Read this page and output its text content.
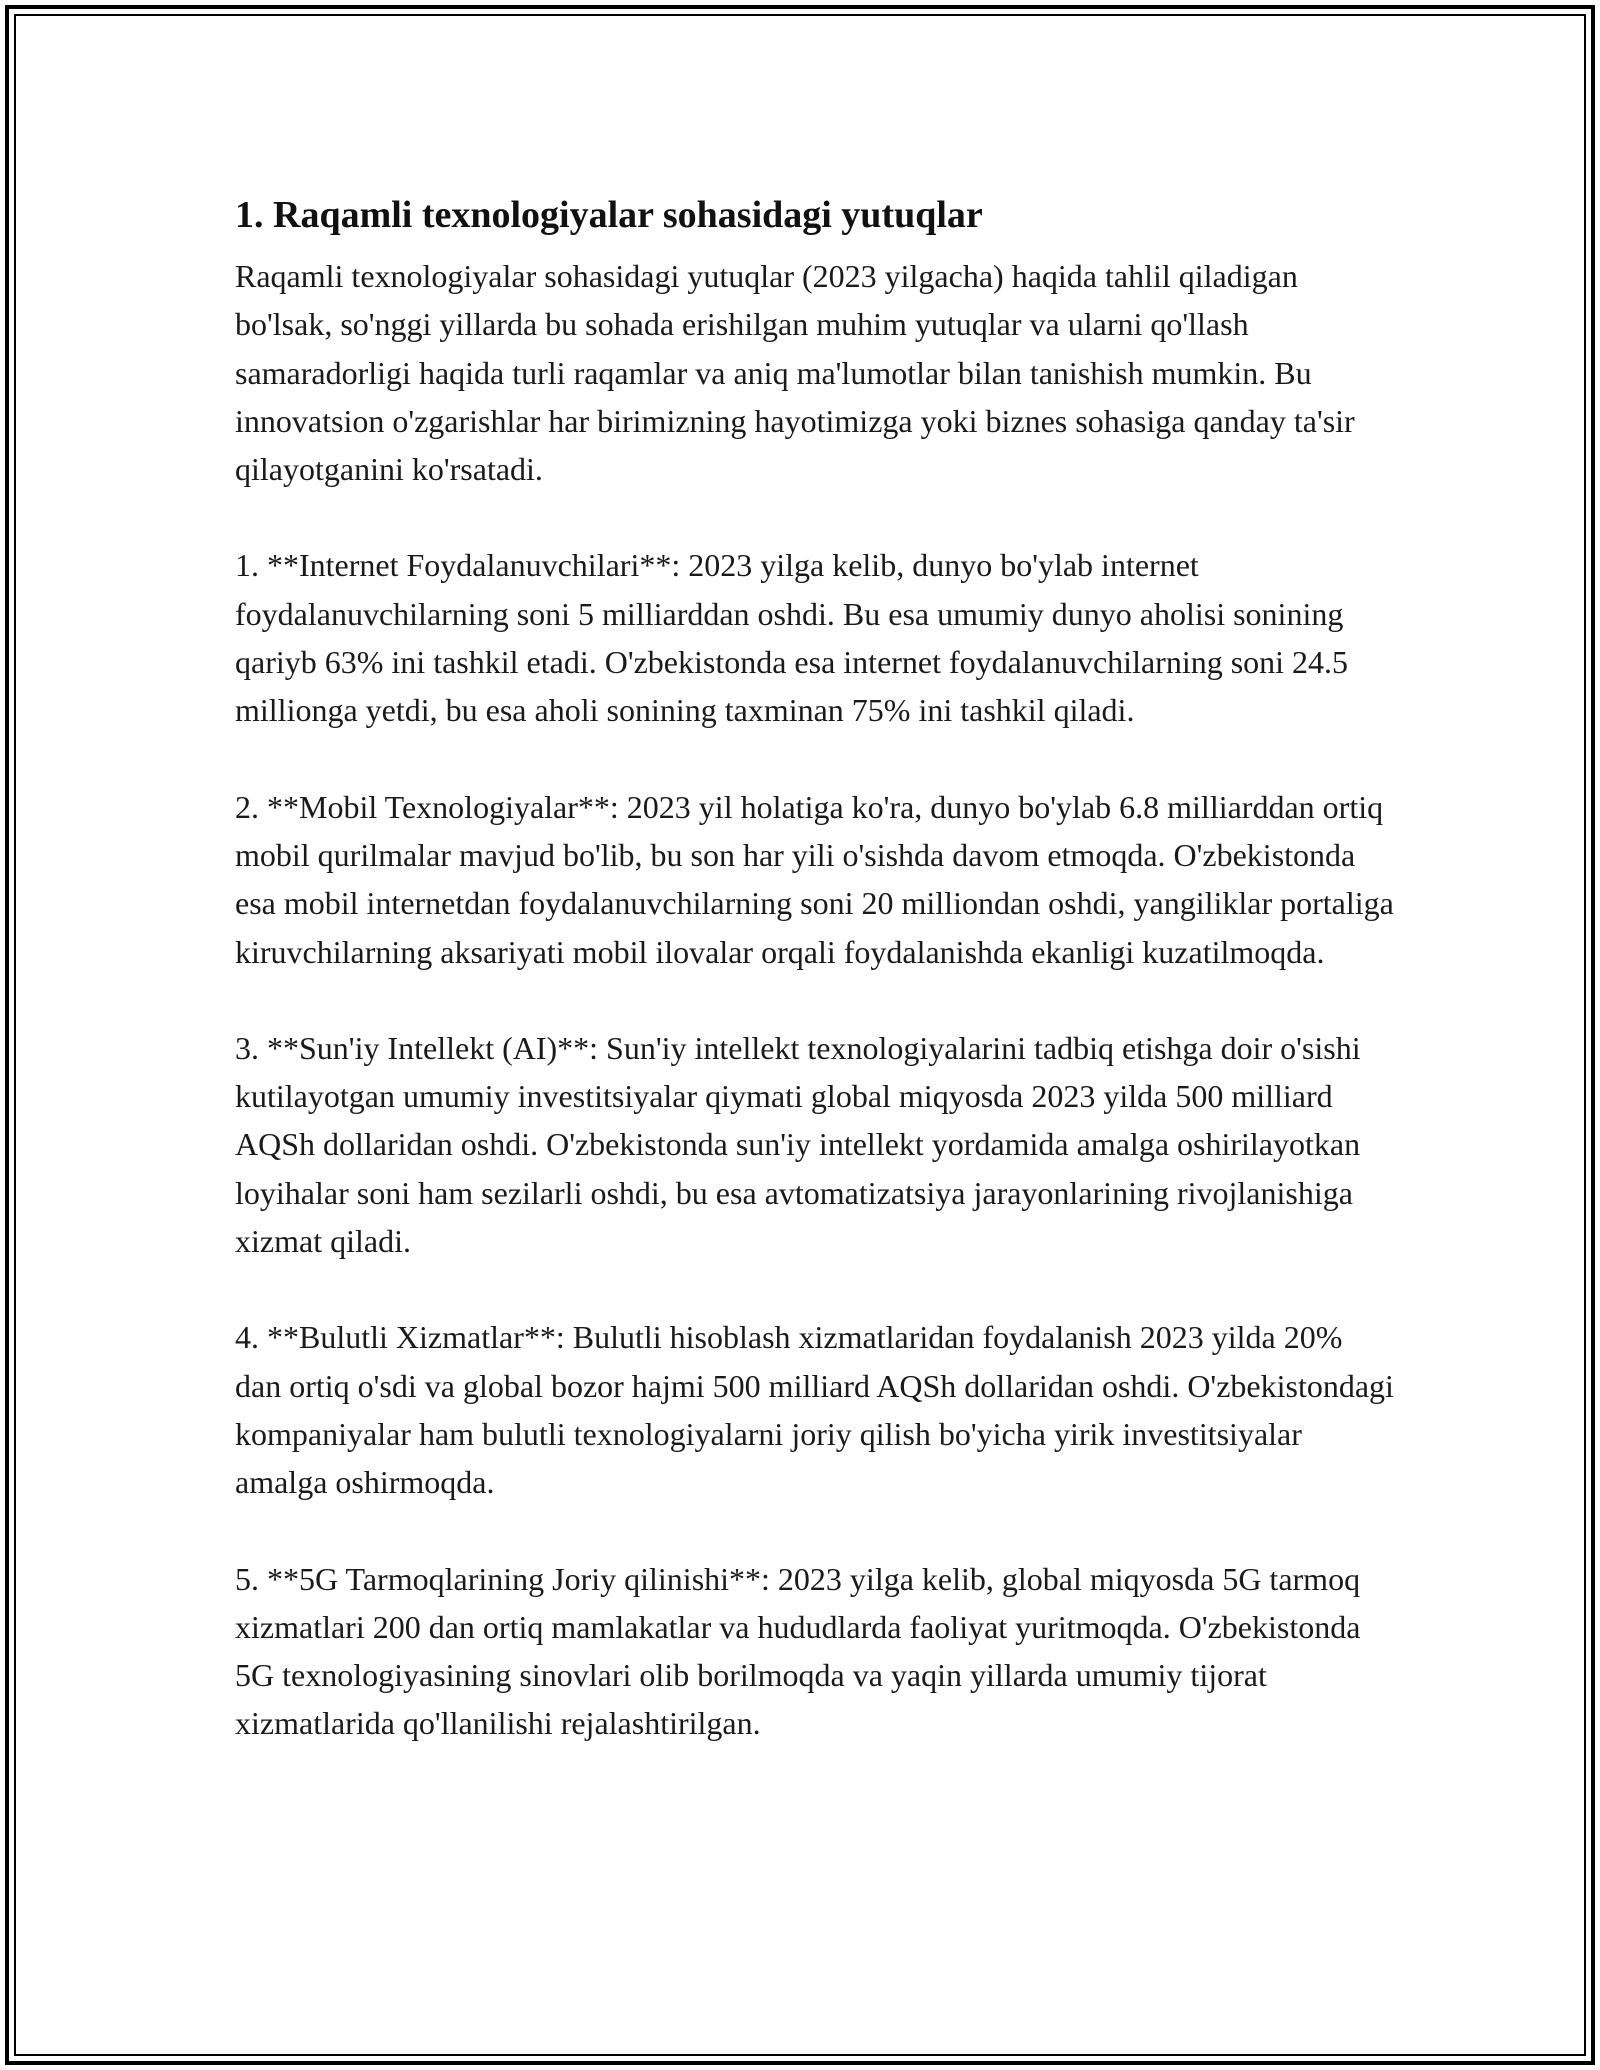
1. Raqamli texnologiyalar sohasidagi yutuqlar

Raqamli texnologiyalar sohasidagi yutuqlar (2023 yilgacha) haqida tahlil qiladigan bo'lsak, so'nggi yillarda bu sohada erishilgan muhim yutuqlar va ularni qo'llash samaradorligi haqida turli raqamlar va aniq ma'lumotlar bilan tanishish mumkin. Bu innovatsion o'zgarishlar har birimizning hayotimizga yoki biznes sohasiga qanday ta'sir qilayotganini ko'rsatadi.

1. **Internet Foydalanuvchilari**: 2023 yilga kelib, dunyo bo'ylab internet foydalanuvchilarning soni 5 milliarddan oshdi. Bu esa umumiy dunyo aholisi sonining qariyb 63% ini tashkil etadi. O'zbekistonda esa internet foydalanuvchilarning soni 24.5 millionga yetdi, bu esa aholi sonining taxminan 75% ini tashkil qiladi.

2. **Mobil Texnologiyalar**: 2023 yil holatiga ko'ra, dunyo bo'ylab 6.8 milliarddan ortiq mobil qurilmalar mavjud bo'lib, bu son har yili o'sishda davom etmoqda. O'zbekistonda esa mobil internetdan foydalanuvchilarning soni 20 milliondan oshdi, yangiliklar portaliga kiruvchilarning aksariyati mobil ilovalar orqali foydalanishda ekanligi kuzatilmoqda.

3. **Sun'iy Intellekt (AI)**: Sun'iy intellekt texnologiyalarini tadbiq etishga doir o'sishi kutilayotgan umumiy investitsiyalar qiymati global miqyosda 2023 yilda 500 milliard AQSh dollaridan oshdi. O'zbekistonda sun'iy intellekt yordamida amalga oshirilayotkan loyihalar soni ham sezilarli oshdi, bu esa avtomatizatsiya jarayonlarining rivojlanishiga xizmat qiladi.

4. **Bulutli Xizmatlar**: Bulutli hisoblash xizmatlaridan foydalanish 2023 yilda 20% dan ortiq o'sdi va global bozor hajmi 500 milliard AQSh dollaridan oshdi. O'zbekistondagi kompaniyalar ham bulutli texnologiyalarni joriy qilish bo'yicha yirik investitsiyalar amalga oshirmoqda.

5. **5G Tarmoqlarining Joriy qilinishi**: 2023 yilga kelib, global miqyosda 5G tarmoq xizmatlari 200 dan ortiq mamlakatlar va hududlarda faoliyat yuritmoqda. O'zbekistonda 5G texnologiyasining sinovlari olib borilmoqda va yaqin yillarda umumiy tijorat xizmatlarida qo'llanilishi rejalashtirilgan.
